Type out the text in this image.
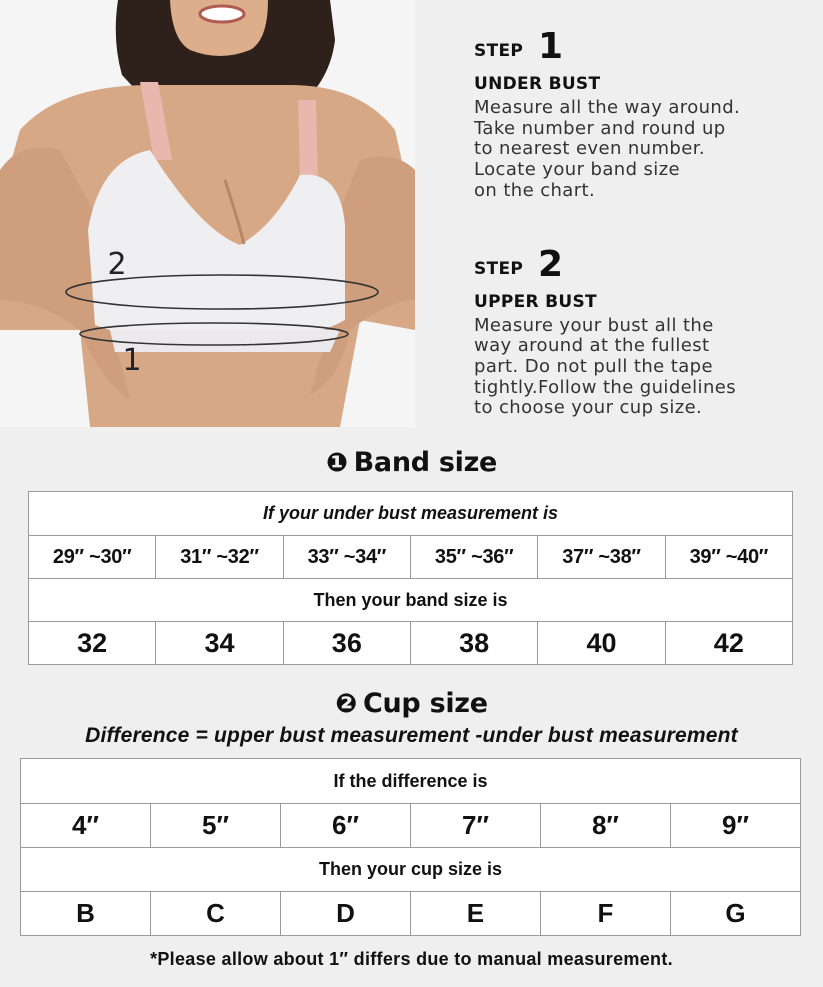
2
1
STEP 1
UNDER BUST
Measure all the way around.
Take number and round up
to nearest even number.
Locate your band size
on the chart.
STEP 2
UPPER BUST
Measure your bust all the
way around at the fullest
part. Do not pull the tape
tightly.Follow the guidelines
to choose your cup size.
❶ Band size
If your under bust measurement is					
29″ ~30″	31″ ~32″	33″ ~34″	35″ ~36″	37″ ~38″	39″ ~40″
Then your band size is					
32	34	36	38	40	42
❷ Cup size
Difference = upper bust measurement -under bust measurement
If the difference is					
4″	5″	6″	7″	8″	9″
Then your cup size is					
B	C	D	E	F	G
*Please allow about 1″ differs due to manual measurement.
